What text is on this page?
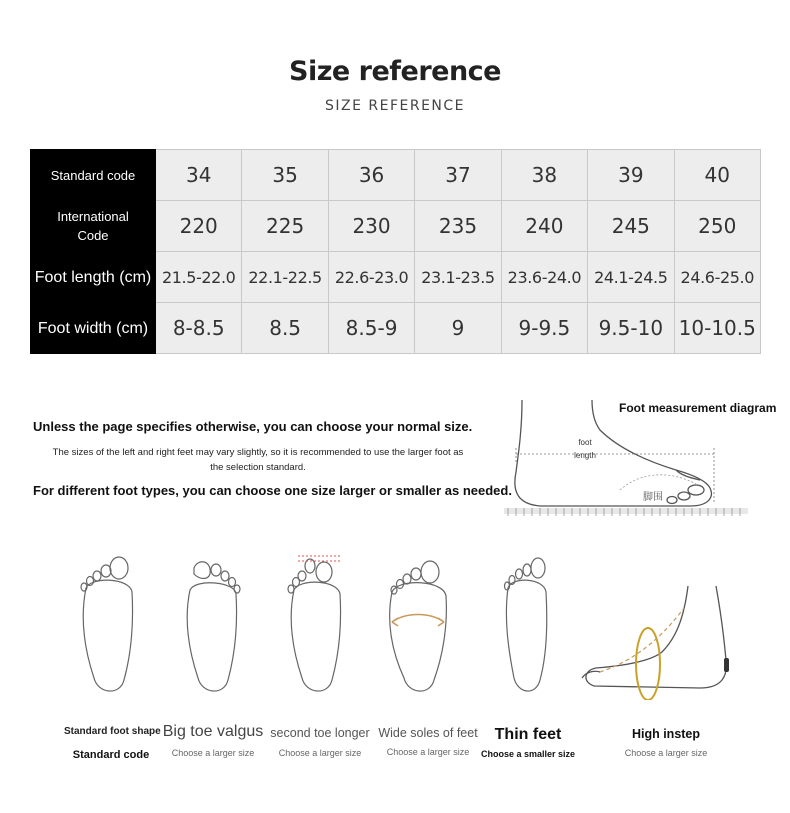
Size reference
SIZE REFERENCE
Standard code	34	35	36	37	38	39	40

International Code	220	225	230	235	240	245	250
Foot length (cm)	21.5-22.0	22.1-22.5	22.6-23.0	23.1-23.5	23.6-24.0	24.1-24.5	24.6-25.0
Foot width (cm)	8-8.5	8.5	8.5-9	9	9-9.5	9.5-10	10-10.5
Unless the page specifies otherwise, you can choose your normal size.
The sizes of the left and right feet may vary slightly, so it is recommended to use the larger foot as the selection standard.
For different foot types, you can choose one size larger or smaller as needed.
Foot measurement diagram
foot length
脚围
Standard foot shape
Standard code
Big toe valgus
Choose a larger size
second toe longer
Choose a larger size
Wide soles of feet
Choose a larger size
Thin feet
Choose a smaller size
High instep
Choose a larger size
